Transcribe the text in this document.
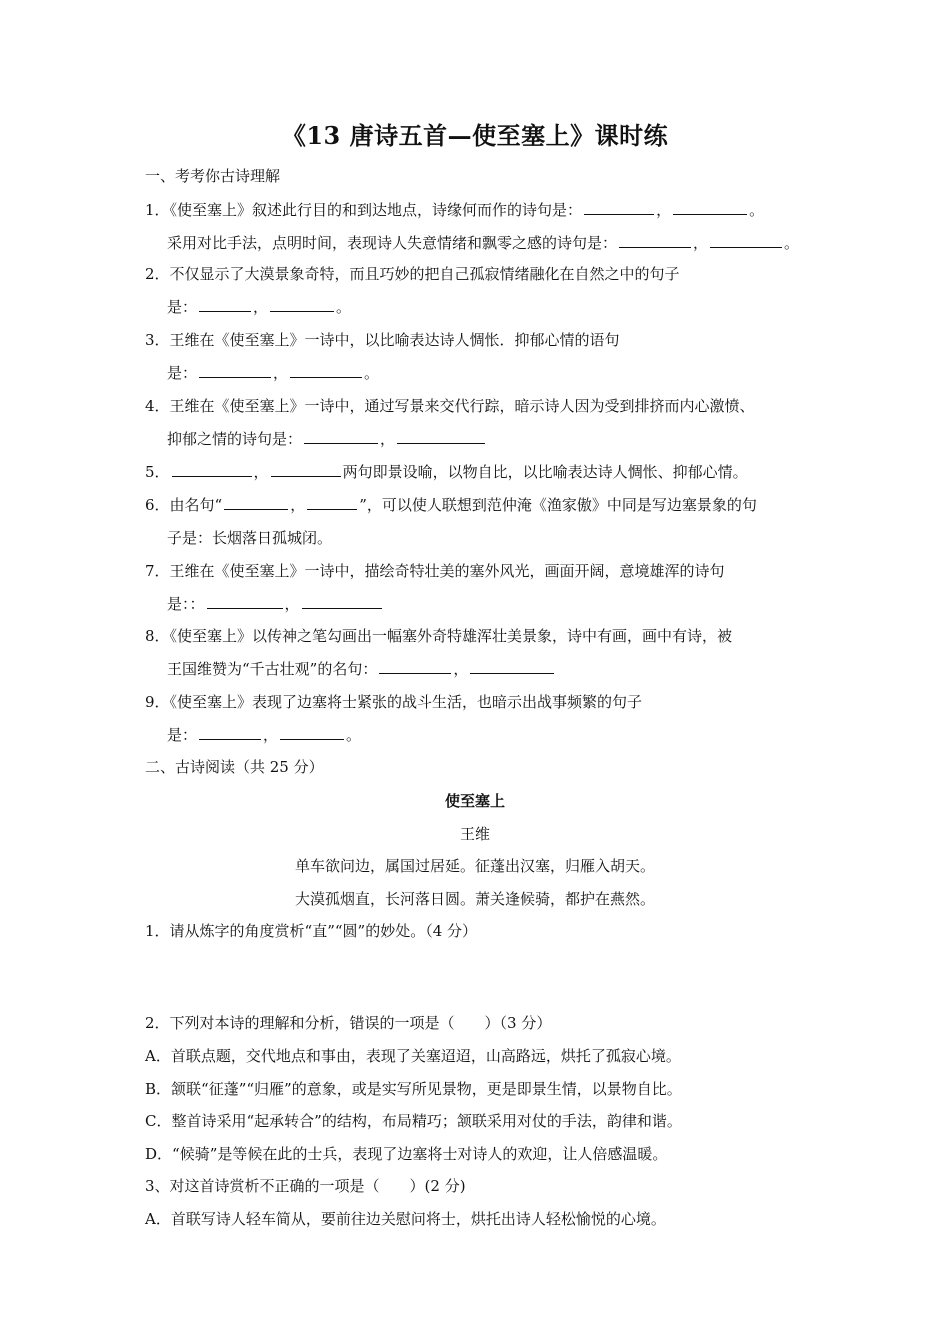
《13 唐诗五首—使至塞上》课时练
一、考考你古诗理解
1．《使至塞上》叙述此行目的和到达地点，诗缘何而作的诗句是：	，	。
采用对比手法，点明时间，表现诗人失意情绪和飘零之感的诗句是：	，	。
2．不仅显示了大漠景象奇特，而且巧妙的把自己孤寂情绪融化在自然之中的句子
是：	，	。
3．王维在《使至塞上》一诗中，以比喻表达诗人惆怅．抑郁心情的语句
是：	，	。
4．王维在《使至塞上》一诗中，通过写景来交代行踪，暗示诗人因为受到排挤而内心激愤、
抑郁之情的诗句是：	，
5．	，	两句即景设喻，以物自比，以比喻表达诗人惆怅、抑郁心情。
6．由名句“	，	”，可以使人联想到范仲淹《渔家傲》中同是写边塞景象的句
子是：长烟落日孤城闭。
7．王维在《使至塞上》一诗中，描绘奇特壮美的塞外风光，画面开阔，意境雄浑的诗句
是：：	，
8．《使至塞上》以传神之笔勾画出一幅塞外奇特雄浑壮美景象，诗中有画，画中有诗，被
王国维赞为“千古壮观”的名句：	，
9．《使至塞上》表现了边塞将士紧张的战斗生活，也暗示出战事频繁的句子
是：	，	。
二、古诗阅读（共 25 分）
使至塞上
王维
单车欲问边，属国过居延。征蓬出汉塞，归雁入胡天。
大漠孤烟直，长河落日圆。萧关逢候骑，都护在燕然。
1．请从炼字的角度赏析“直”“圆”的妙处。（4 分）
2．下列对本诗的理解和分析，错误的一项是（　　）（3 分）
A．首联点题，交代地点和事由，表现了关塞迢迢，山高路远，烘托了孤寂心境。
B．颔联“征蓬”“归雁”的意象，或是实写所见景物，更是即景生情，以景物自比。
C．整首诗采用“起承转合”的结构，布局精巧；颔联采用对仗的手法，韵律和谐。
D．“候骑”是等候在此的士兵，表现了边塞将士对诗人的欢迎，让人倍感温暖。
3、对这首诗赏析不正确的一项是（　　）(2 分)
A．首联写诗人轻车简从，要前往边关慰问将士，烘托出诗人轻松愉悦的心境。
